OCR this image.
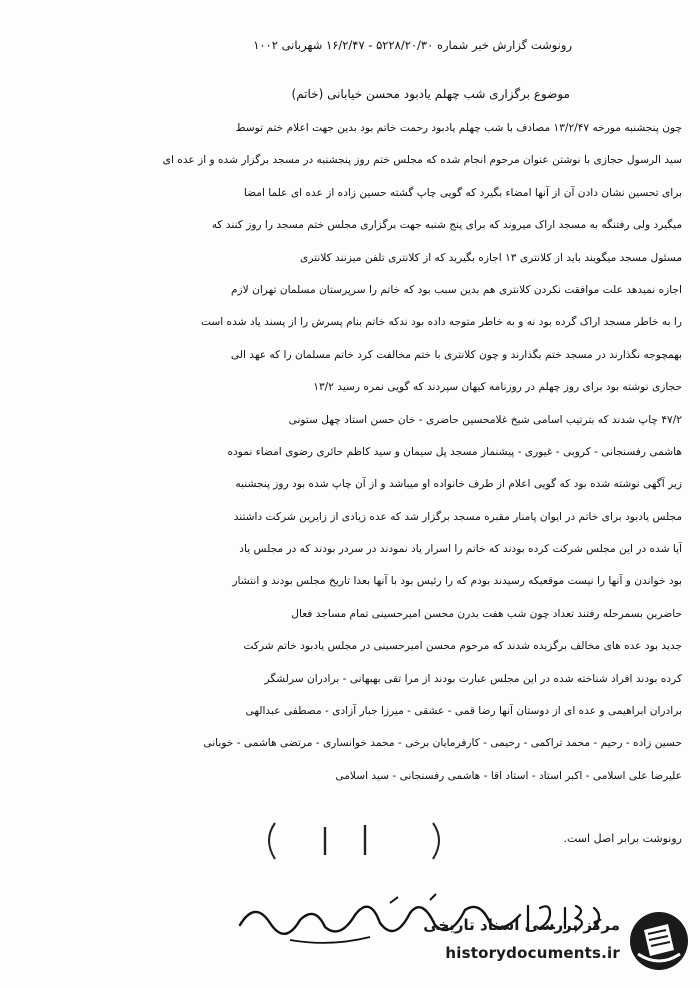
رونوشت گزارش خبر شماره ۵۲۲۸/۲۰/۳۰ - ۱۶/۲/۴۷ شهربانی ۱۰۰۲
موضوع برگزاری شب چهلم یادبود محسن خیابانی (خاتم)
چون پنجشنبه مورخه ۱۳/۲/۴۷ مصادف با شب چهلم یادبود رحمت خاتم بود بدین جهت اعلام ختم توسط
سید الرسول حجازی با نوشتن عنوان مرحوم انجام شده که مجلس ختم روز پنجشنبه در مسجد برگزار شده و از عده ای
برای تحسین نشان دادن آن از آنها امضاء بگیرد که گویی چاپ گشته حسین زاده از عده ای علما امضا
میگیرد ولی رفتنگه به مسجد اراک میروند که برای پنج شنبه جهت برگزاری مجلس ختم مسجد را روز کنند که
مسئول مسجد میگویند باید از کلانتری ۱۳ اجازه بگیرید که از کلانتری تلفن میزنند کلانتری
اجازه نمیدهد علت موافقت نکردن کلانتری هم بدین سبب بود که خاتم را سرپرستان مسلمان تهران لازم
را به خاطر مسجد اراک گرده بود نه و به خاطر متوجه داده بود ندکه خاتم بنام پسرش را از پسند یاد شده است
بهمچوجه نگذارند در مسجد ختم بگذارند و چون کلانتری با ختم مخالفت کرد خاتم مسلمان را که عهد الی
حجازی نوشته بود برای روز چهلم در روزنامه کیهان سپردند که گویی نمره رسید ۱۳/۲
۴۷/۲ چاپ شدند که بترتیب اسامی شیخ غلامحسین حاضری - خان حسن استاد چهل ستونی
هاشمی رفسنجانی - کروبی - غیوری - پیشنماز مسجد پل سیمان و سید کاظم حائری رضوی امضاء نموده
زیر آگهی نوشته شده بود که گویی اعلام از طرف خانواده او میباشد و از آن چاپ شده بود روز پنجشنبه
مجلس یادبود برای خاتم در ایوان پامنار مقبره مسجد برگزار شد که عده زیادی از زایرین شرکت داشتند
آیا شده در این مجلس شرکت کرده بودند که خاتم را اسرار یاد نمودند در سردر بودند که در مجلس یاد
بود خواندن و آنها را نیست موقعیکه رسیدند بودم که را رئیس بود با آنها بعدا تاریخ مجلس بودند و انتشار
حاضرین بسمرحله رفتند تعداد چون شب هفت بدرن محسن امیرحسینی تمام مساجد فعال
جدید بود عده های مخالف برگزیده شدند که مرحوم محسن امیرحسینی در مجلس یادبود خاتم شرکت
کرده بودند افراد شناخته شده در این مجلس عبارت بودند از مرا تقی بهبهانی - برادران سرلشگر
برادران ابراهیمی و عده ای از دوستان آنها رضا قمی - عشقی - میرزا جبار آزادی - مصطفی عبدالهی
حسین زاده - رحیم - محمد تراکمی - رحیمی - کارفرمایان برخی - محمد خوانساری - مرتضی هاشمی - خوبانی
علیرضا علی اسلامی - اکبر استاد - استاد اقا - هاشمی رفسنجانی - سید اسلامی
رونوشت برابر اصل است.
مرکز بررسی اسناد تاریخی
historydocuments.ir
